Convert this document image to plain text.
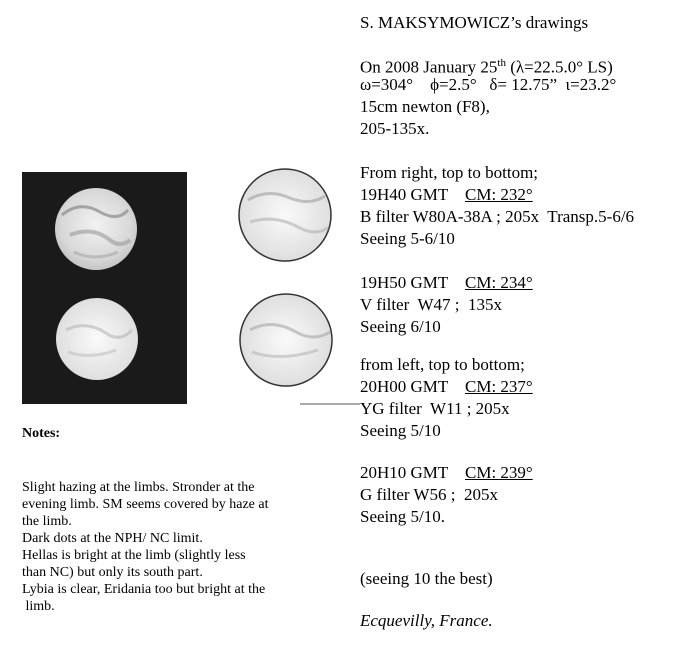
S. MAKSYMOWICZ’s drawings
On 2008 January 25th (λ=22.5.0° LS)
ω=304°    ϕ=2.5°   δ= 12.75”  ι=23.2°
15cm newton (F8),
205-135x.
From right, top to bottom;
19H40 GMT CM: 232°
B filter W80A-38A ; 205x  Transp.5-6/6
Seeing 5-6/10
19H50 GMT CM: 234°
V filter  W47 ;  135x
Seeing 6/10
from left, top to bottom;
20H00 GMT CM: 237°
YG filter  W11 ; 205x
Seeing 5/10
20H10 GMT CM: 239°
G filter W56 ;  205x
Seeing 5/10.
(seeing 10 the best)
Ecquevilly, France.
Notes:

Slight hazing at the limbs. Stronder at the
evening limb. SM seems covered by haze at
the limb.
Dark dots at the NPH/ NC limit.
Hellas is bright at the limb (slightly less
than NC) but only its south part.
Lybia is clear, Eridania too but bright at the
limb.
